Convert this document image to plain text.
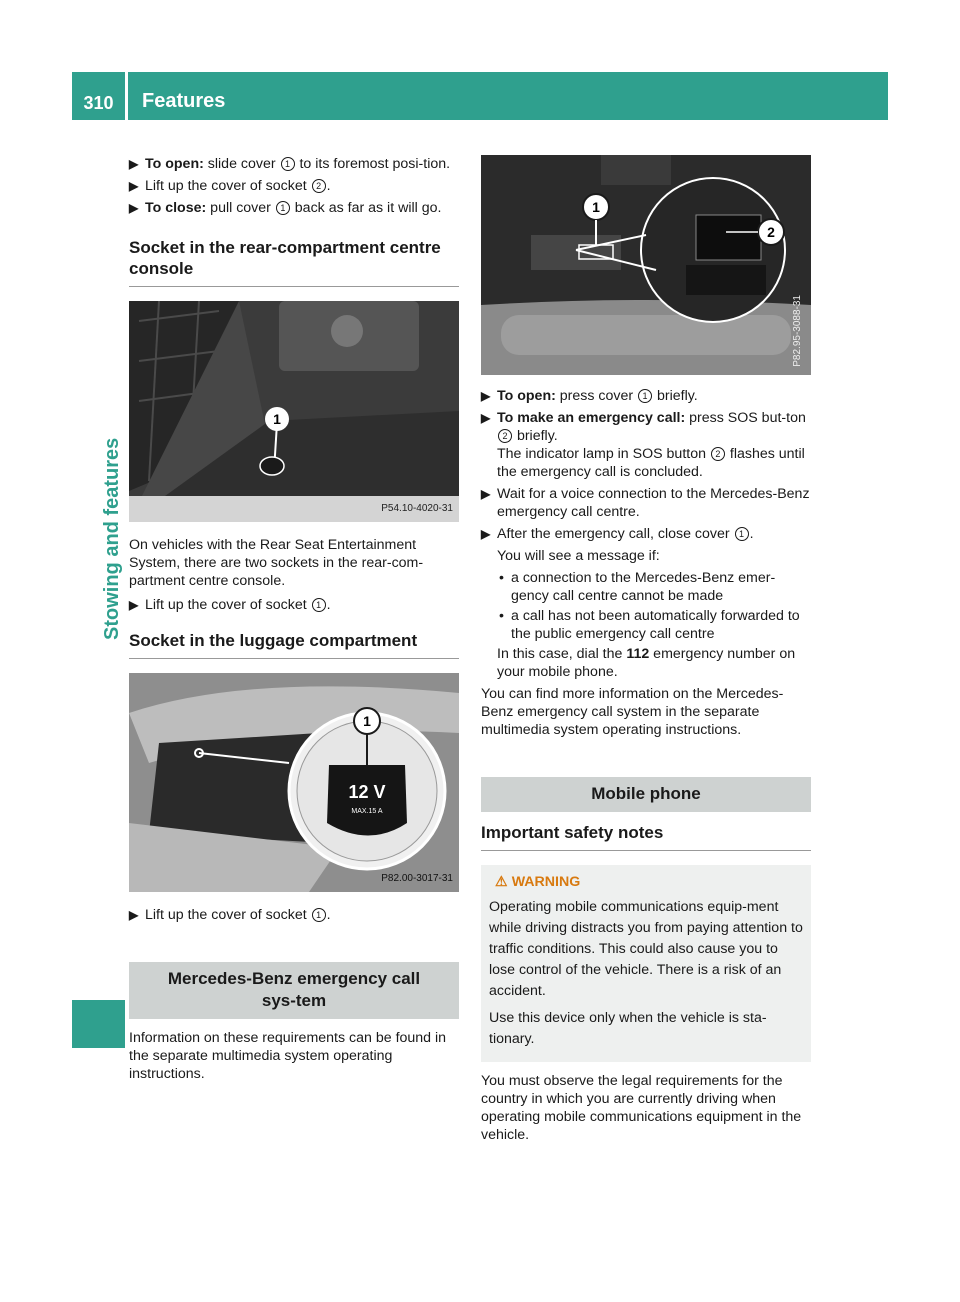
310	Features
Stowing and features
▶ To open: slide cover 1 to its foremost posi-tion.
▶ Lift up the cover of socket 2 .
▶ To close: pull cover 1 back as far as it will go.
Socket in the rear-compartment centre console
1
P54.10-4020-31

On vehicles with the Rear Seat Entertainment System, there are two sockets in the rear-com-partment centre console.

▶ Lift up the cover of socket 1 .
Socket in the luggage compartment
1
12 V
MAX.15 A
P82.00-3017-31
▶ Lift up the cover of socket 1 .
Mercedes-Benz emergency call sys-tem

Information on these requirements can be found in the separate multimedia system operating instructions.

1
2
P82.95-3088-31
▶ To open: press cover 1 briefly.
▶ To make an emergency call: press SOS but-ton 2 briefly.
The indicator lamp in SOS button 2 flashes until the emergency call is concluded.
▶ Wait for a voice connection to the Mercedes-Benz emergency call centre.
▶ After the emergency call, close cover 1 .

You will see a message if:

• a connection to the Mercedes-Benz emer-gency call centre cannot be made
• a call has not been automatically forwarded to the public emergency call centre

In this case, dial the 112 emergency number on your mobile phone.

You can find more information on the Mercedes-Benz emergency call system in the separate multimedia system operating instructions.

Mobile phone
Important safety notes
⚠ WARNING

Operating mobile communications equip-ment while driving distracts you from paying attention to traffic conditions. This could also cause you to lose control of the vehicle. There is a risk of an accident.

Use this device only when the vehicle is sta-tionary.

You must observe the legal requirements for the country in which you are currently driving when operating mobile communications equipment in the vehicle.
